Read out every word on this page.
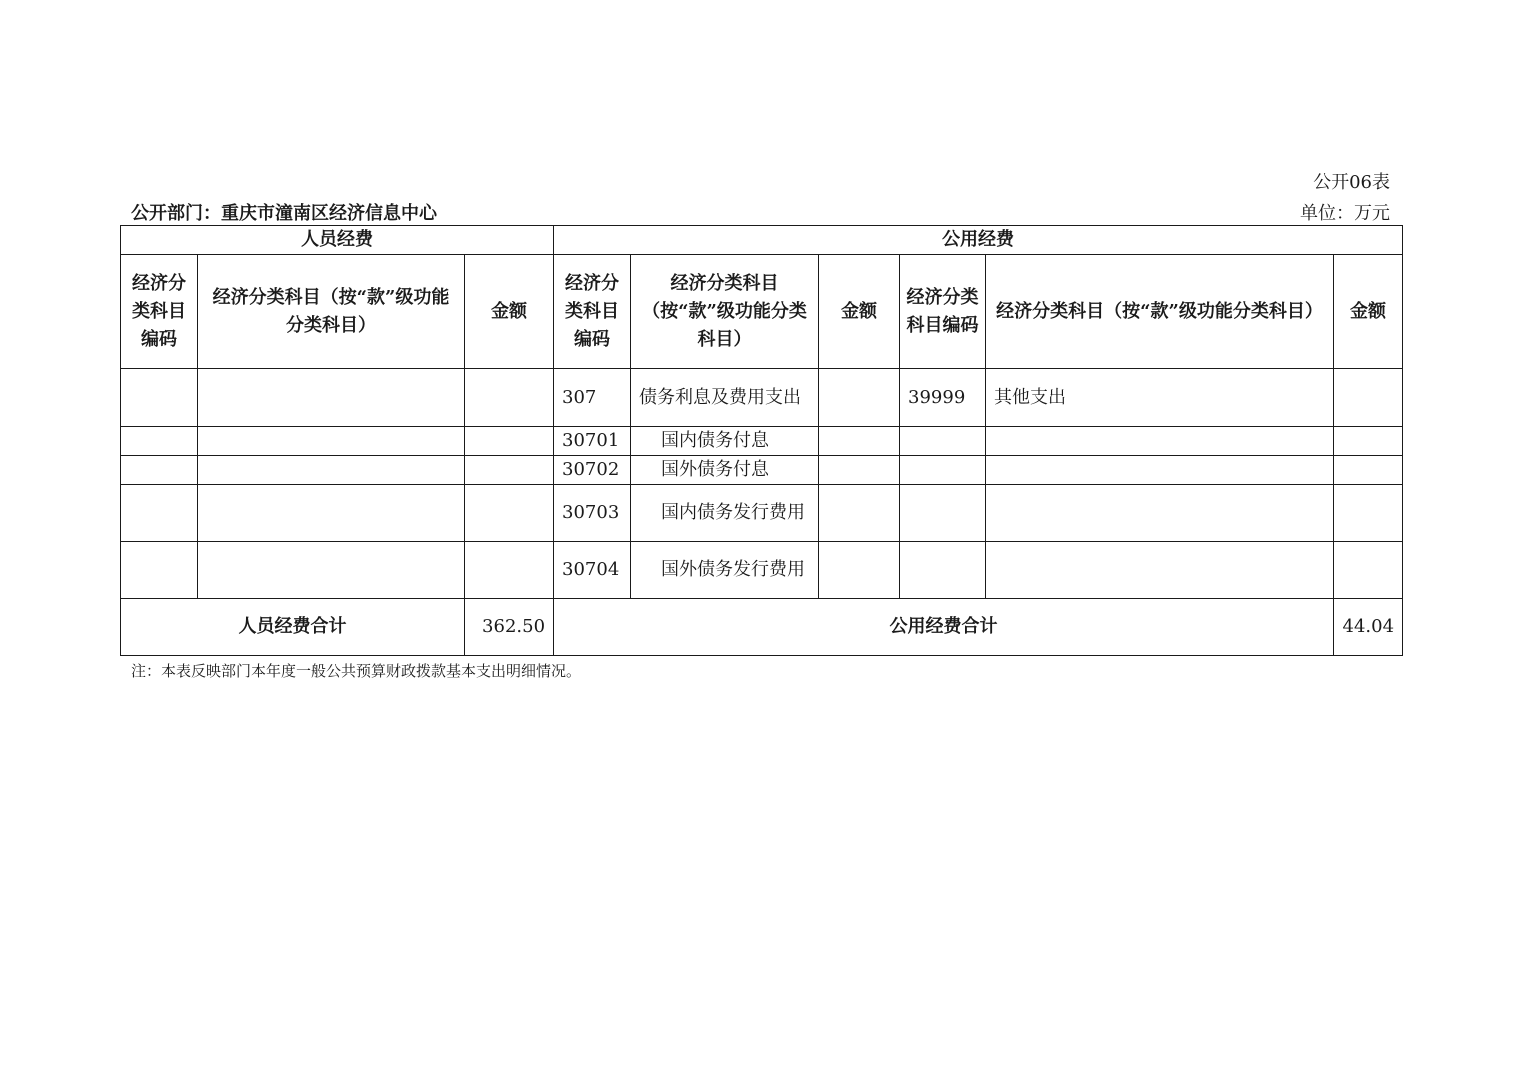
公开06表
公开部门：重庆市潼南区经济信息中心	单位：万元
人员经费			公用经费					
经济分类科目编码	经济分类科目（按“款”级功能分类科目）	金额	经济分类科目编码	经济分类科目（按“款”级功能分类科目）	金额	经济分类科目编码	经济分类科目（按“款”级功能分类科目）	金额
			307	债务利息及费用支出		39999	其他支出	
			30701	国内债务付息				
			30702	国外债务付息				
			30703	国内债务发行费用				
			30704	国外债务发行费用				
人员经费合计		362.50	公用经费合计					44.04
注：本表反映部门本年度一般公共预算财政拨款基本支出明细情况。
